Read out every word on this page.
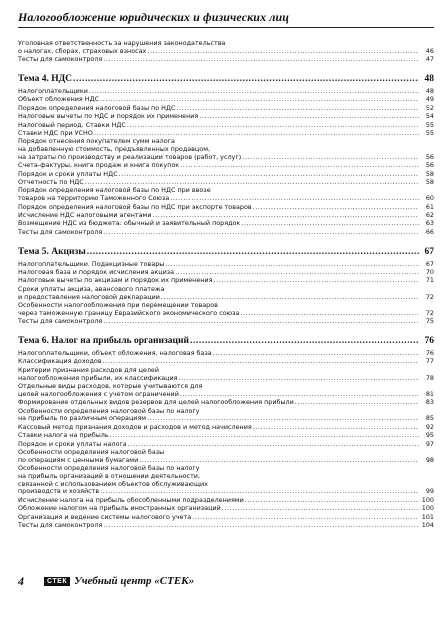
Налогообложение юридических и физических лиц
Уголовная ответственность за нарушения законодательства
о налогах, сборах, страховых взносах .....	46
Тесты для самоконтроля .....	47
Тема 4. НДС .....	48
Налогоплательщики .....	48
Объект обложения НДС .....	49
Порядок определения налоговой базы по НДС .....	52
Налоговые вычеты по НДС и порядок их применения .....	54
Налоговый период. Ставки НДС .....	55
Ставки НДС при УСНО .....	55
Порядок отнесения покупателем сумм налога
на добавленную стоимость, предъявленных продавцом,
на затраты по производству и реализации товаров (работ, услуг) .....	56
Счета-фактуры, книга продаж и книга покупок .....	56
Порядок и сроки уплаты НДС .....	58
Отчетность по НДС .....	58
Порядок определения налоговой базы по НДС при ввозе
товаров на территорию Таможенного Союза .....	60
Порядок определения налоговой базы по НДС при экспорте товаров .....	61
Исчисление НДС налоговыми агентами .....	62
Возмещение НДС из бюджета: обычный и заявительный порядок .....	63
Тесты для самоконтроля .....	66
Тема 5. Акцизы .....	67
Налогоплательщики. Подакцизные товары .....	67
Налоговая база и порядок исчисления акциза .....	70
Налоговые вычеты по акцизам и порядок их применения .....	71
Сроки уплаты акциза, авансового платежа
и предоставления налоговой декларации .....	72
Особенности налогообложения при перемещении товаров
через таможенную границу Евразийского экономического союза .....	72
Тесты для самоконтроля .....	75
Тема 6. Налог на прибыль организаций .....	76
Налогоплательщики, объект обложения, налоговая база .....	76
Классификация доходов .....	77
Критерии признания расходов для целей
налогообложения прибыли, их классификация .....	78
Отдельные виды расходов, которые учитываются для
целей налогообложения с учетом ограничений .....	81
Формирование отдельных видов резервов для целей налогообложения прибыли .....	83
Особенности определения налоговой базы по налогу
на прибыль по различным операциям .....	85
Кассовый метод признания доходов и расходов и метод начисления .....	92
Ставки налога на прибыль .....	95
Порядок и сроки уплаты налога .....	97
Особенности определения налоговой базы
по операциям с ценными бумагами .....	98
Особенности определения налоговой базы по налогу
на прибыль организаций в отношении деятельности,
связанной с использованием объектов обслуживающих
производств и хозяйств .....	99
Исчисление налога на прибыль обособленными подразделениями .....	100
Обложение налогом на прибыль иностранных организаций .....	100
Организация и ведение системы налогового учета .....	101
Тесты для самоконтроля .....	104
4	СТЕК Учебный центр «СТЕК»
